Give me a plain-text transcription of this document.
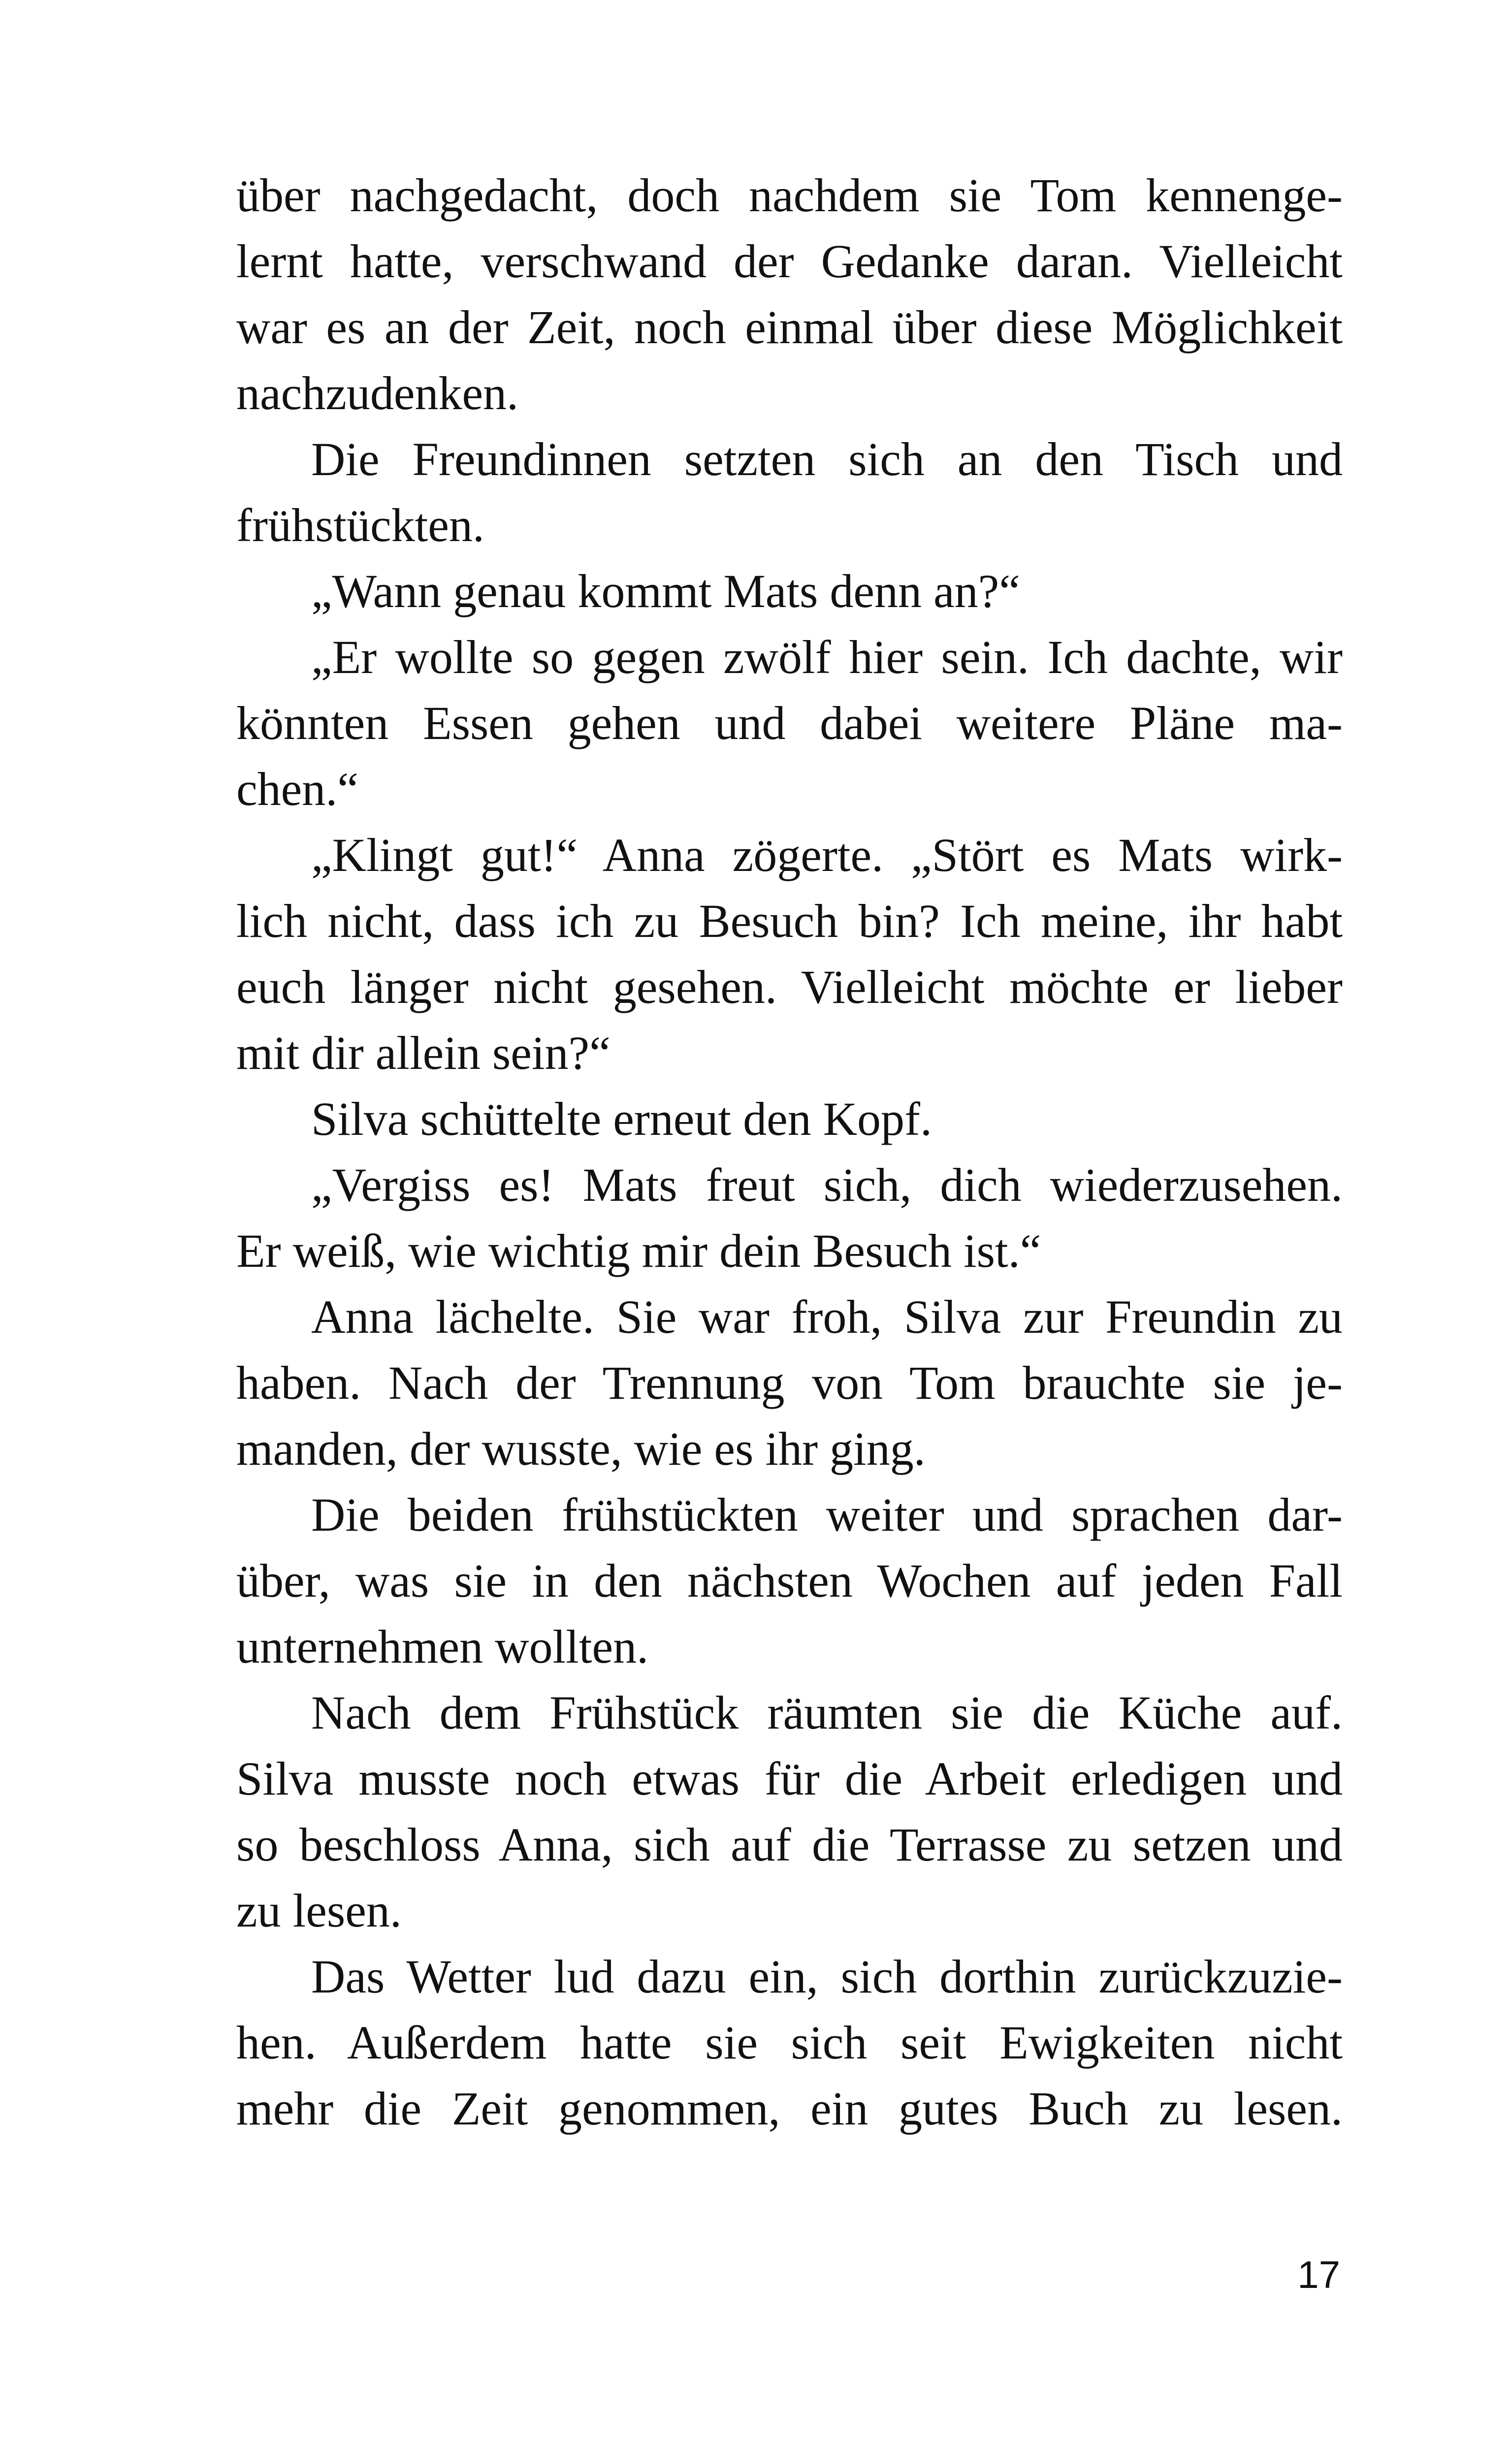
über nachgedacht, doch nachdem sie Tom kennenge-
lernt hatte, verschwand der Gedanke daran. Vielleicht
war es an der Zeit, noch einmal über diese Möglichkeit
nachzudenken.
Die Freundinnen setzten sich an den Tisch und
frühstückten.
„Wann genau kommt Mats denn an?“
„Er wollte so gegen zwölf hier sein. Ich dachte, wir
könnten Essen gehen und dabei weitere Pläne ma-
chen.“
„Klingt gut!“ Anna zögerte. „Stört es Mats wirk-
lich nicht, dass ich zu Besuch bin? Ich meine, ihr habt
euch länger nicht gesehen. Vielleicht möchte er lieber
mit dir allein sein?“
Silva schüttelte erneut den Kopf.
„Vergiss es! Mats freut sich, dich wiederzusehen.
Er weiß, wie wichtig mir dein Besuch ist.“
Anna lächelte. Sie war froh, Silva zur Freundin zu
haben. Nach der Trennung von Tom brauchte sie je-
manden, der wusste, wie es ihr ging.
Die beiden frühstückten weiter und sprachen dar-
über, was sie in den nächsten Wochen auf jeden Fall
unternehmen wollten.
Nach dem Frühstück räumten sie die Küche auf.
Silva musste noch etwas für die Arbeit erledigen und
so beschloss Anna, sich auf die Terrasse zu setzen und
zu lesen.
Das Wetter lud dazu ein, sich dorthin zurückzuzie-
hen. Außerdem hatte sie sich seit Ewigkeiten nicht
mehr die Zeit genommen, ein gutes Buch zu lesen.
17
